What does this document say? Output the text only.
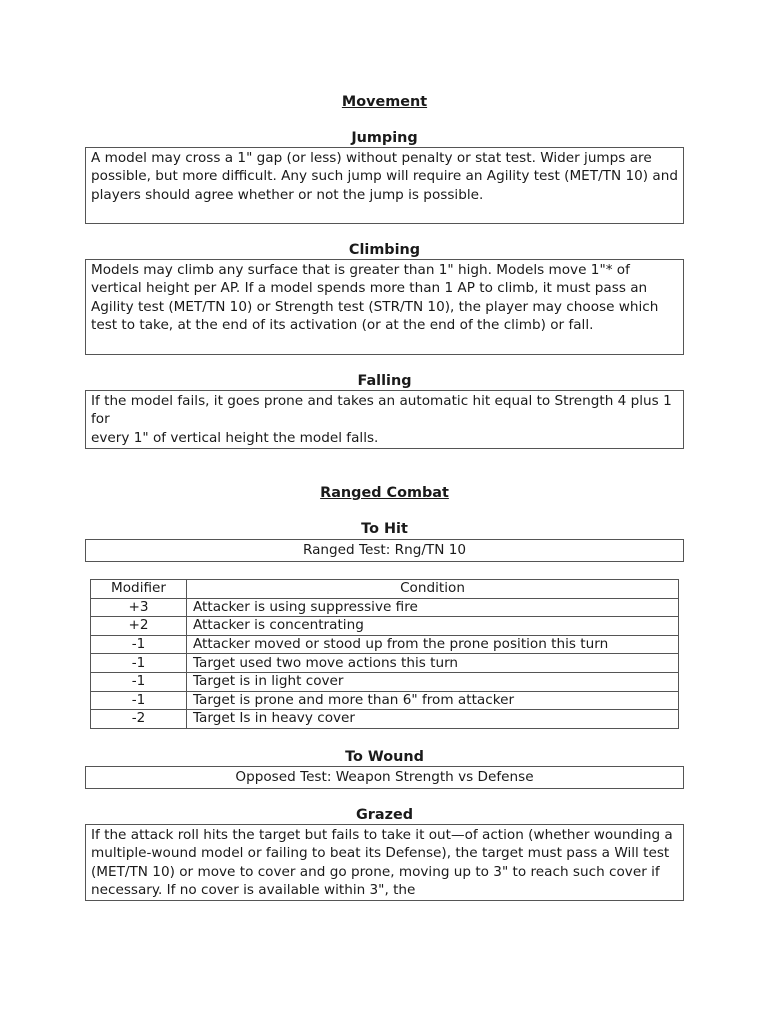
Movement
Jumping

A model may cross a 1" gap (or less) without penalty or stat test. Wider jumps are possible, but more difficult. Any such jump will require an Agility test (MET/TN 10) and players should agree whether or not the jump is possible.

Climbing

Models may climb any surface that is greater than 1" high. Models move 1"* of vertical height per AP. If a model spends more than 1 AP to climb, it must pass an Agility test (MET/TN 10) or Strength test (STR/TN 10), the player may choose which test to take, at the end of its activation (or at the end of the climb) or fall.

Falling

If the model fails, it goes prone and takes an automatic hit equal to Strength 4 plus 1 for

every 1" of vertical height the model falls.

Ranged Combat
To Hit

Ranged Test: Rng/TN 10

Modifier	Condition
+3	Attacker is using suppressive fire
+2	Attacker is concentrating
-1	Attacker moved or stood up from the prone position this turn
-1	Target used two move actions this turn
-1	Target is in light cover
-1	Target is prone and more than 6" from attacker
-2	Target Is in heavy cover
To Wound

Opposed Test: Weapon Strength vs Defense

Grazed

If the attack roll hits the target but fails to take it out—of action (whether wounding a multiple-wound model or failing to beat its Defense), the target must pass a Will test (MET/TN 10) or move to cover and go prone, moving up to 3" to reach such cover if necessary. If no cover is available within 3", the
